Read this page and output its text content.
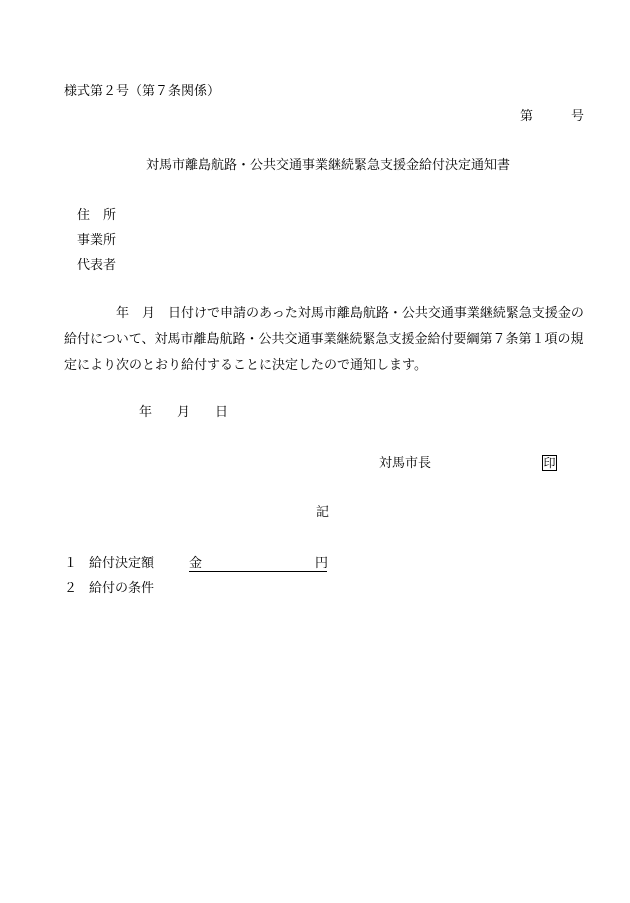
様式第２号（第７条関係）
第	号
対馬市離島航路・公共交通事業継続緊急支援金給付決定通知書
住　所
事業所
代表者
　　　　年　月　日付けで申請のあった対馬市離島航路・公共交通事業継続緊急支援金の給付について、対馬市離島航路・公共交通事業継続緊急支援金給付要綱第７条第１項の規定により次のとおり給付することに決定したので通知します。
年 月 日
対馬市長	印
記
１ 給付決定額	金	円
２ 給付の条件
